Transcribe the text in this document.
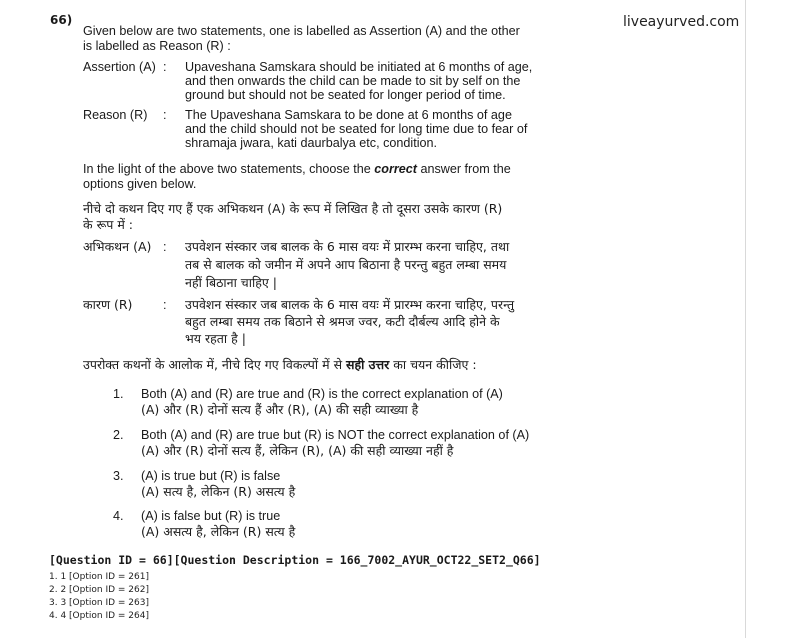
66)	liveayurved.com
Given below are two statements, one is labelled as Assertion (A) and the other
is labelled as Reason (R) :
Assertion (A) : Upaveshana Samskara should be initiated at 6 months of age,
and then onwards the child can be made to sit by self on the
ground but should not be seated for longer period of time.
Reason (R) : The Upaveshana Samskara to be done at 6 months of age
and the child should not be seated for long time due to fear of
shramaja jwara, kati daurbalya etc, condition.
In the light of the above two statements, choose the correct answer from the
options given below.
नीचे दो कथन दिए गए हैं एक अभिकथन (A) के रूप में लिखित है तो दूसरा उसके कारण (R)
के रूप में :
अभिकथन (A) : उपवेशन संस्कार जब बालक के 6 मास वयः में प्रारम्भ करना चाहिए, तथा
तब से बालक को जमीन में अपने आप बिठाना है परन्तु बहुत लम्बा समय
नहीं बिठाना चाहिए |
कारण (R) : उपवेशन संस्कार जब बालक के 6 मास वयः में प्रारम्भ करना चाहिए, परन्तु
बहुत लम्बा समय तक बिठाने से श्रमज ज्वर, कटी दौर्बल्य आदि होने के
भय रहता है |
उपरोक्त कथनों के आलोक में, नीचे दिए गए विकल्पों में से सही उत्तर का चयन कीजिए :
1. Both (A) and (R) are true and (R) is the correct explanation of (A)
(A) और (R) दोनों सत्य हैं और (R), (A) की सही व्याख्या है
2. Both (A) and (R) are true but (R) is NOT the correct explanation of (A)
(A) और (R) दोनों सत्य हैं, लेकिन (R), (A) की सही व्याख्या नहीं है
3. (A) is true but (R) is false
(A) सत्य है, लेकिन (R) असत्य है
4. (A) is false but (R) is true
(A) असत्य है, लेकिन (R) सत्य है
[Question ID = 66][Question Description = 166_7002_AYUR_OCT22_SET2_Q66]
1. 1 [Option ID = 261]
2. 2 [Option ID = 262]
3. 3 [Option ID = 263]
4. 4 [Option ID = 264]
